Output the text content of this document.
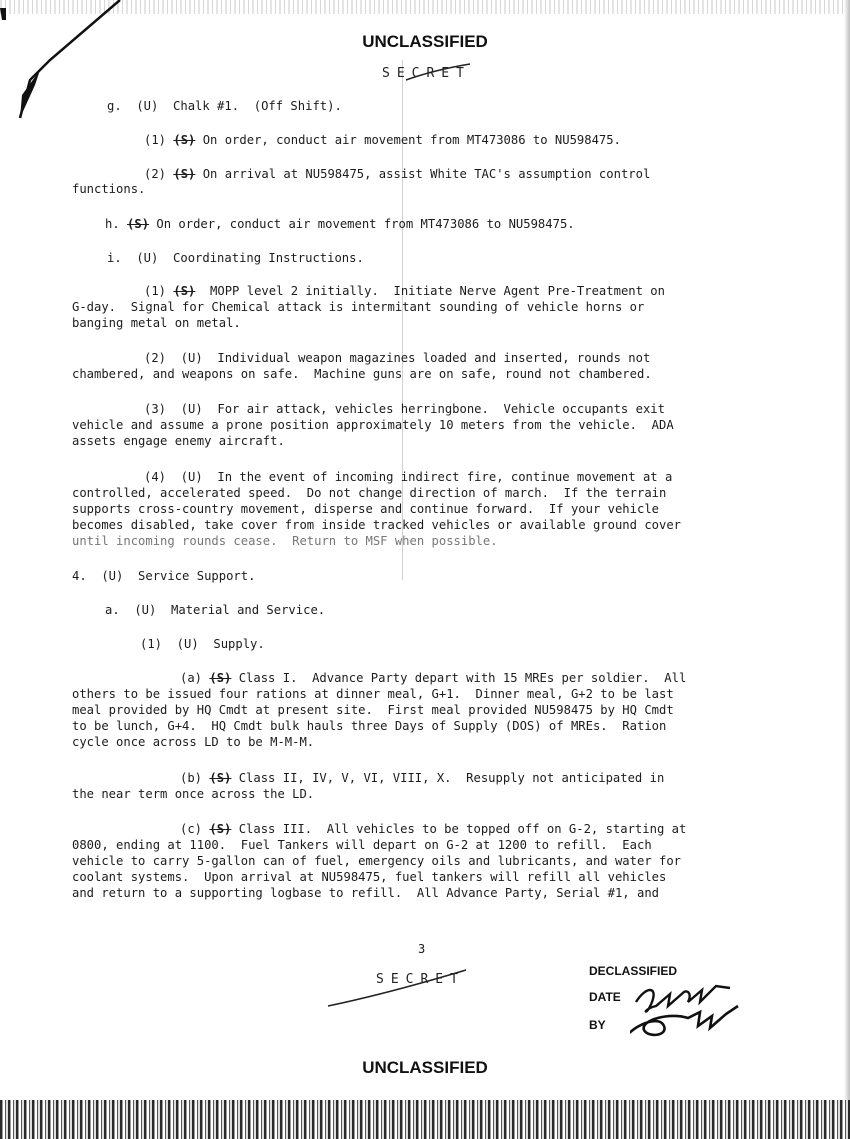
UNCLASSIFIED
SECRET
g.  (U)  Chalk #1.  (Off Shift).
(1) (S) On order, conduct air movement from MT473086 to NU598475.
(2) (S) On arrival at NU598475, assist White TAC's assumption control
functions.
h. (S) On order, conduct air movement from MT473086 to NU598475.
i.  (U)  Coordinating Instructions.
(1) (S)  MOPP level 2 initially.  Initiate Nerve Agent Pre-Treatment on
G-day.  Signal for Chemical attack is intermitant sounding of vehicle horns or
banging metal on metal.
(2)  (U)  Individual weapon magazines loaded and inserted, rounds not
chambered, and weapons on safe.  Machine guns are on safe, round not chambered.
(3)  (U)  For air attack, vehicles herringbone.  Vehicle occupants exit
vehicle and assume a prone position approximately 10 meters from the vehicle.  ADA
assets engage enemy aircraft.
(4)  (U)  In the event of incoming indirect fire, continue movement at a
controlled, accelerated speed.  Do not change direction of march.  If the terrain
supports cross-country movement, disperse and continue forward.  If your vehicle
becomes disabled, take cover from inside tracked vehicles or available ground cover
until incoming rounds cease.  Return to MSF when possible.
4.  (U)  Service Support.
a.  (U)  Material and Service.
(1)  (U)  Supply.
(a) (S) Class I.  Advance Party depart with 15 MREs per soldier.  All
others to be issued four rations at dinner meal, G+1.  Dinner meal, G+2 to be last
meal provided by HQ Cmdt at present site.  First meal provided NU598475 by HQ Cmdt
to be lunch, G+4.  HQ Cmdt bulk hauls three Days of Supply (DOS) of MREs.  Ration
cycle once across LD to be M-M-M.
(b) (S) Class II, IV, V, VI, VIII, X.  Resupply not anticipated in
the near term once across the LD.
(c) (S) Class III.  All vehicles to be topped off on G-2, starting at
0800, ending at 1100.  Fuel Tankers will depart on G-2 at 1200 to refill.  Each
vehicle to carry 5-gallon can of fuel, emergency oils and lubricants, and water for
coolant systems.  Upon arrival at NU598475, fuel tankers will refill all vehicles
and return to a supporting logbase to refill.  All Advance Party, Serial #1, and
3
SECRET
DECLASSIFIED
DATE
BY
UNCLASSIFIED
